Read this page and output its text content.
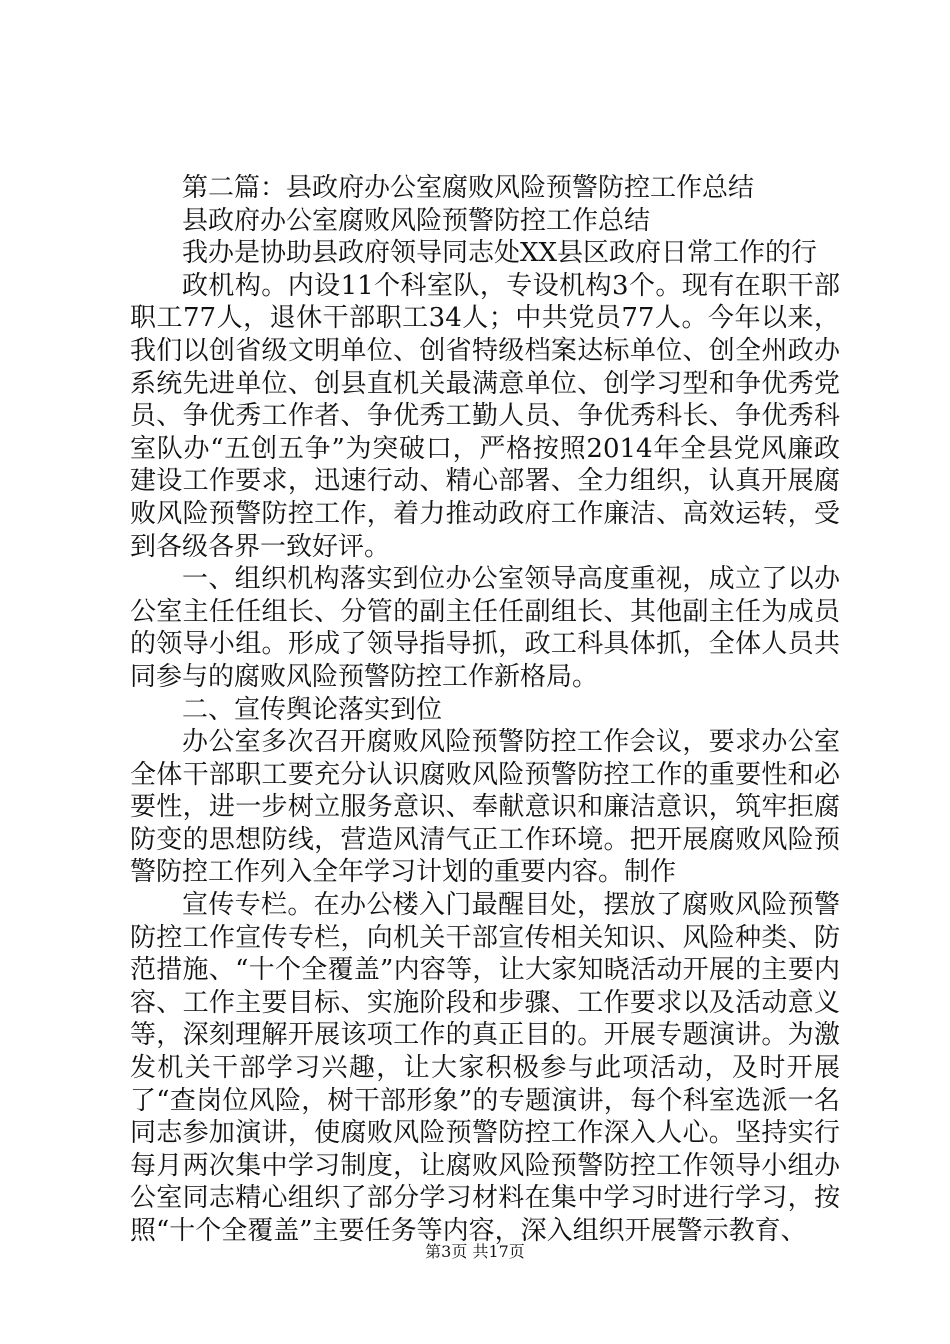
第二篇：县政府办公室腐败风险预警防控工作总结

县政府办公室腐败风险预警防控工作总结

我办是协助县政府领导同志处XX县区政府日常工作的行

政机构。内设11个科室队，专设机构3个。现有在职干部职工77人，退休干部职工34人；中共党员77人。今年以来，我们以创省级文明单位、创省特级档案达标单位、创全州政办系统先进单位、创县直机关最满意单位、创学习型和争优秀党员、争优秀工作者、争优秀工勤人员、争优秀科长、争优秀科室队办“五创五争”为突破口，严格按照2014年全县党风廉政建设工作要求，迅速行动、精心部署、全力组织，认真开展腐败风险预警防控工作，着力推动政府工作廉洁、高效运转，受到各级各界一致好评。

一、组织机构落实到位办公室领导高度重视，成立了以办公室主任任组长、分管的副主任任副组长、其他副主任为成员的领导小组。形成了领导指导抓，政工科具体抓，全体人员共同参与的腐败风险预警防控工作新格局。

二、宣传舆论落实到位

办公室多次召开腐败风险预警防控工作会议，要求办公室全体干部职工要充分认识腐败风险预警防控工作的重要性和必要性，进一步树立服务意识、奉献意识和廉洁意识，筑牢拒腐防变的思想防线，营造风清气正工作环境。把开展腐败风险预警防控工作列入全年学习计划的重要内容。制作

宣传专栏。在办公楼入门最醒目处，摆放了腐败风险预警防控工作宣传专栏，向机关干部宣传相关知识、风险种类、防范措施、“十个全覆盖”内容等，让大家知晓活动开展的主要内容、工作主要目标、实施阶段和步骤、工作要求以及活动意义等，深刻理解开展该项工作的真正目的。开展专题演讲。为激发机关干部学习兴趣，让大家积极参与此项活动，及时开展了“查岗位风险，树干部形象”的专题演讲，每个科室选派一名同志参加演讲，使腐败风险预警防控工作深入人心。坚持实行每月两次集中学习制度，让腐败风险预警防控工作领导小组办公室同志精心组织了部分学习材料在集中学习时进行学习，按照“十个全覆盖”主要任务等内容，深入组织开展警示教育、

第3页 共17页
